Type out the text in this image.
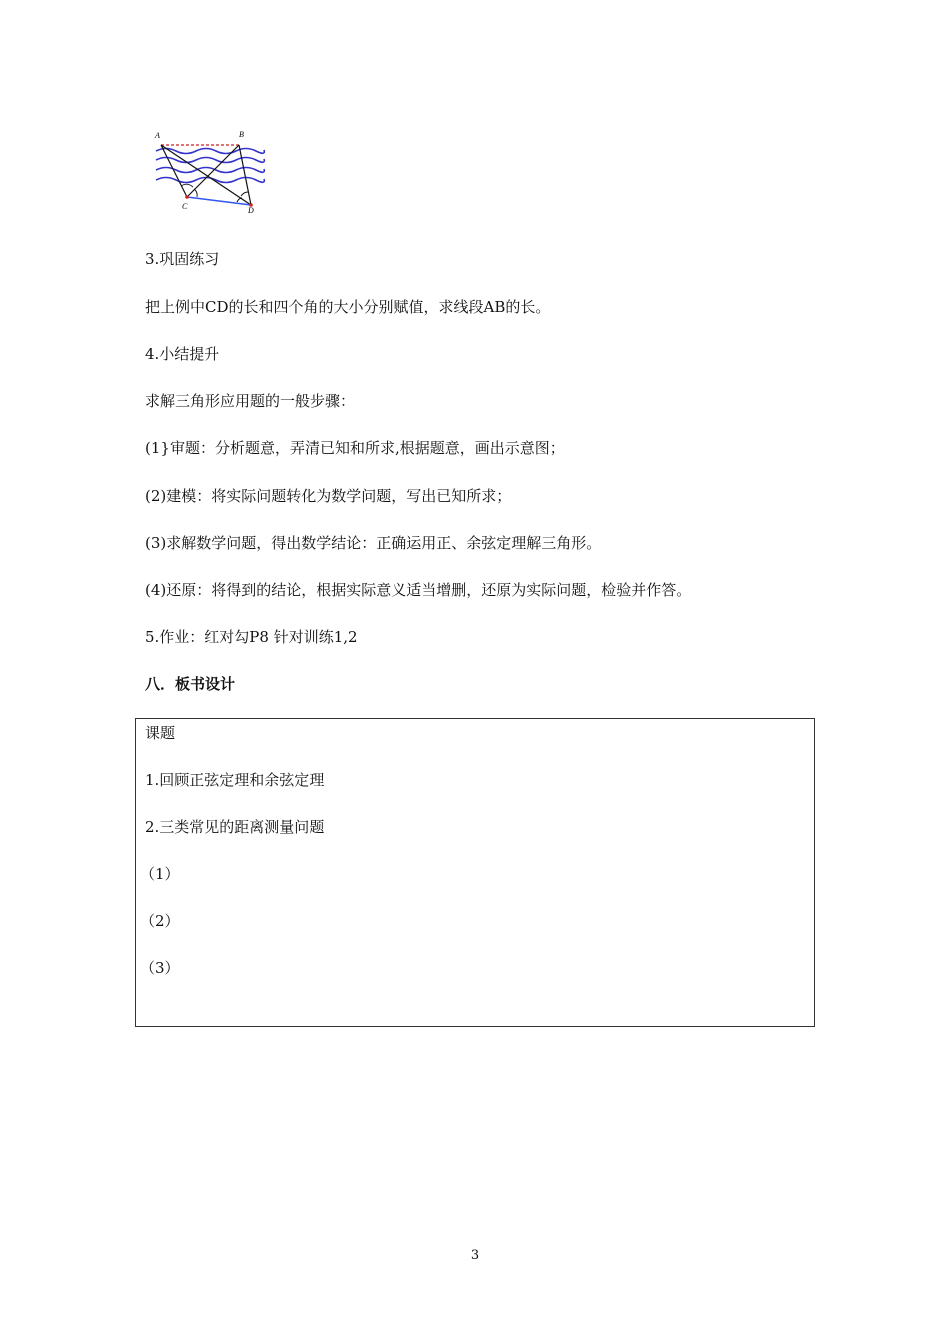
A	B
C	D
3.巩固练习
把上例中CD的长和四个角的大小分别赋值，求线段AB的长。
4.小结提升
求解三角形应用题的一般步骤：
(1}审题：分析题意，弄清已知和所求,根据题意，画出示意图；
(2)建模：将实际问题转化为数学问题，写出已知所求；
(3)求解数学问题，得出数学结论：正确运用正、余弦定理解三角形。
(4)还原：将得到的结论，根据实际意义适当增删，还原为实际问题，检验并作答。
5.作业：红对勾P8 针对训练1,2
八．板书设计
课题
1.回顾正弦定理和余弦定理
2.三类常见的距离测量问题
（1）
（2）
（3）
3
